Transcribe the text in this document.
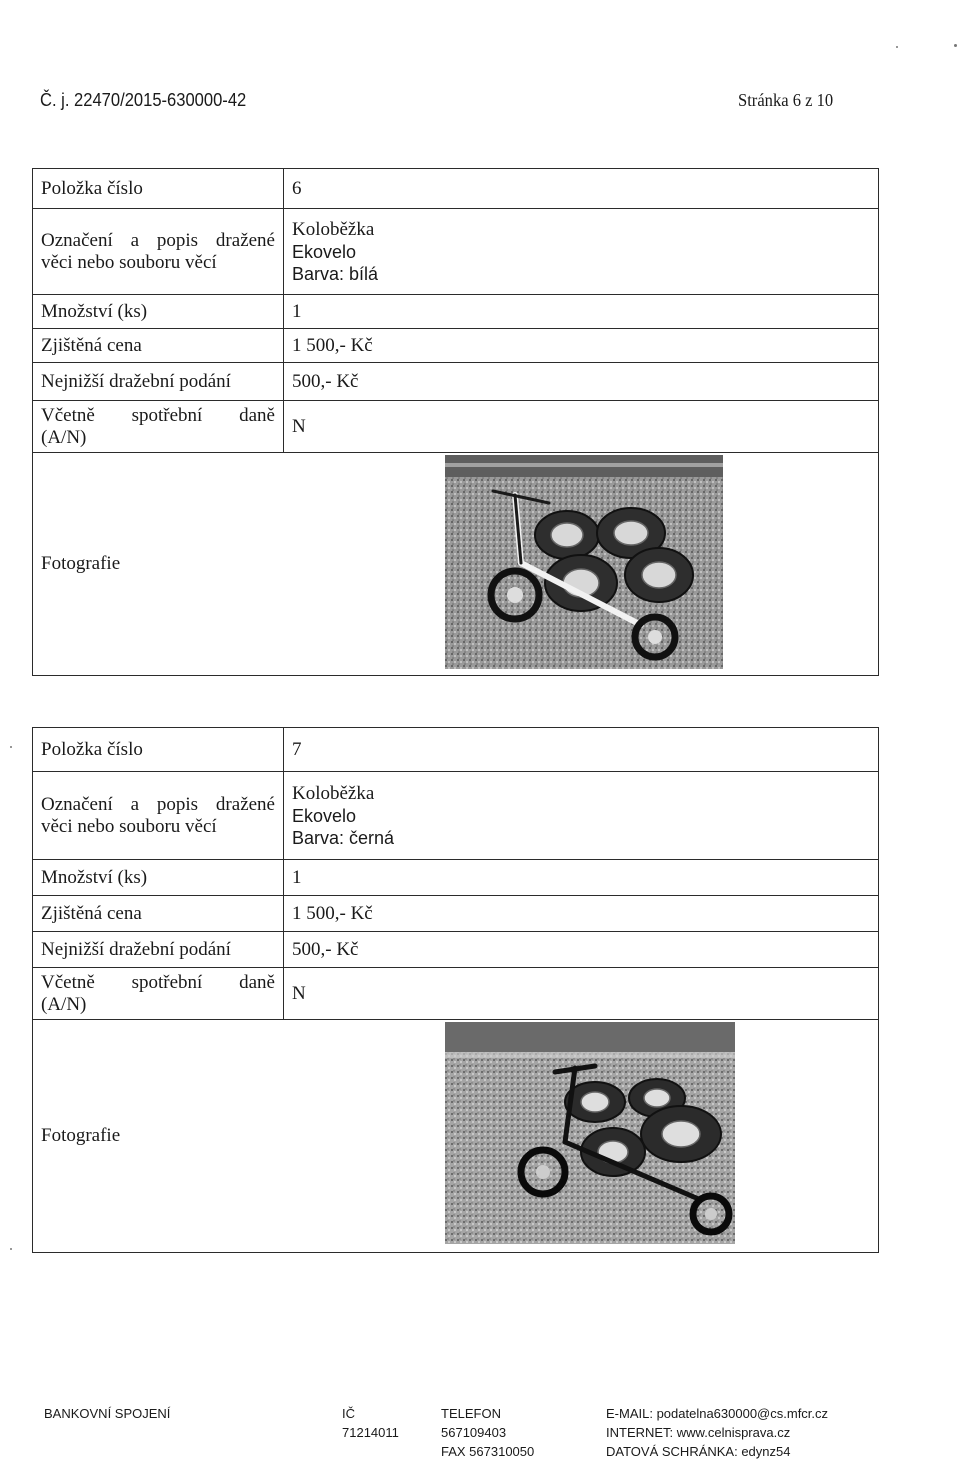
Č. j. 22470/2015-630000-42	Stránka 6 z 10
Položka číslo	6

Označení a popis dražené
věci nebo souboru věcí	Koloběžka
Ekovelo
Barva: bílá

Množství (ks)	1
Zjištěná cena	1 500,- Kč
Nejnižší dražební podání	500,- Kč

Včetně spotřební daně
(A/N)	N
Fotografie	
Položka číslo	7

Označení a popis dražené
věci nebo souboru věcí	Koloběžka
Ekovelo
Barva: černá

Množství (ks)	1
Zjištěná cena	1 500,- Kč
Nejnižší dražební podání	500,- Kč

Včetně spotřební daně
(A/N)	N
Fotografie	
BANKOVNÍ SPOJENÍ	IČ
71214011
TELEFON
567109403
FAX 567310050
E-MAIL: podatelna630000@cs.mfcr.cz
INTERNET: www.celnisprava.cz
DATOVÁ SCHRÁNKA: edynz54
